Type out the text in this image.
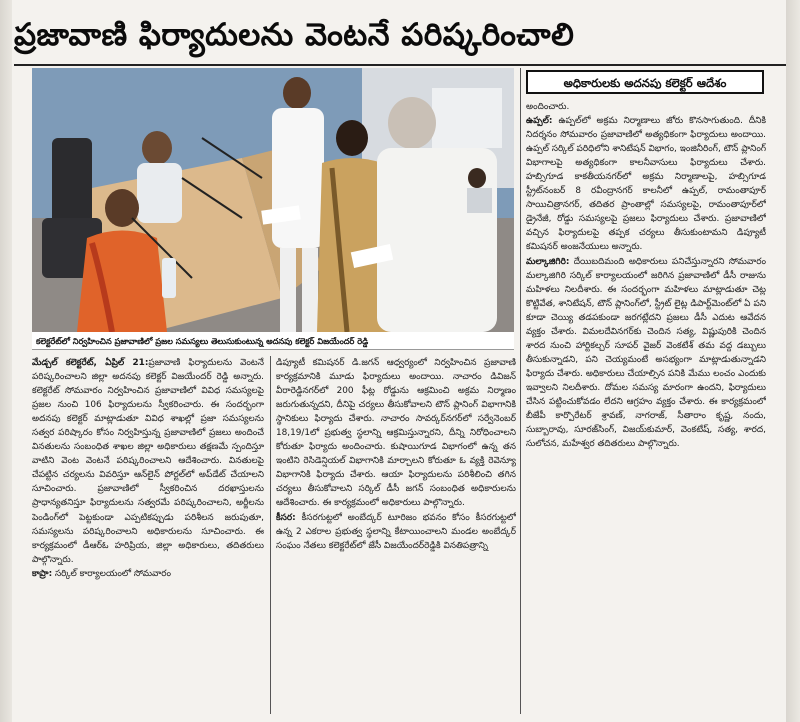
ప్రజావాణి ఫిర్యాదులను వెంటనే పరిష్కరించాలి
కలెక్టరేట్‌లో నిర్వహించిన ప్రజావాణిలో ప్రజల సమస్యలు తెలుసుకుంటున్న అదనపు కలెక్టర్ విజయేందర్ రెడ్డి
అధికారులకు అదనపు కలెక్టర్ ఆదేశం

మేడ్చల్ కలెక్టరేట్, ఏప్రిల్ 21:ప్రజావాణి ఫిర్యాదులను వెంటనే పరిష్కరించాలని జిల్లా అదనపు కలెక్టర్ విజయేందర్ రెడ్డి అన్నారు. కలెక్టరేట్ సోమవారం నిర్వహించిన ప్రజావాణిలో వివిధ సమస్యలపై ప్రజల నుంచి 106 ఫిర్యాదులను స్వీకరించారు. ఈ సందర్భంగా అదనపు కలెక్టర్ మాట్లాడుతూ వివిధ శాఖల్లో ప్రజా సమస్యలను సత్వర పరిష్కారం కోసం నిర్వహిస్తున్న ప్రజావాణిలో ప్రజలు అందించే వినతులను సంబంధిత శాఖల జిల్లా అధికారులు తక్షణమే స్పందిస్తూ వాటిని వెంట వెంటనే పరిష్కరించాలని ఆదేశించారు. వినతులపై చేపట్టిన చర్యలను వివరిస్తూ ఆన్‌లైన్ పోర్టల్‌లో అప్‌డేట్ చేయాలని సూచించారు. ప్రజావాణిలో స్వీకరించిన దరఖాస్తులను ప్రాధాన్యతనిస్తూ ఫిర్యాదులను సత్వరమే పరిష్కరించాలని, అర్జీలను పెండింగ్‌లో పెట్టకుండా ఎప్పటికప్పుడు పరిశీలన జరుపుతూ, సమస్యలను పరిష్కరించాలని అధికారులను సూచించారు. ఈ కార్యక్రమంలో డీఆర్ఓ హరిప్రియ, జిల్లా అధికారులు, తదితరులు పాల్గొన్నారు.

కాప్రా: సర్కిల్ కార్యాలయంలో సోమవారం

డిప్యూటీ కమిషనర్ డి.జగన్ ఆధ్వర్యంలో నిర్వహించిన ప్రజావాణి కార్యక్రమానికి మూడు ఫిర్యాదులు అందాయి. నాచారం డివిజన్ వీరారెడ్డినగర్‌లో 200 ఫీట్ల రోడ్డును ఆక్రమించి అక్రమ నిర్మాణం జరుగుతున్నదని, దీనిపై చర్యలు తీసుకోవాలని టౌన్ ప్లానింగ్ విభాగానికి స్థానికులు ఫిర్యాదు చేశారు. నాచారం సావర్కర్‌నగర్‌లో సర్వేనెంబర్ 18,19/1లో ప్రభుత్వ స్థలాన్ని ఆక్రమిస్తున్నారని, దీన్ని నిరోధించాలని కోరుతూ ఫిర్యాదు అందించారు. కుషాయిగూడ విభాగంలో ఉన్న తన ఇంటిని రెసిడెన్షియల్ విభాగానికి మార్చాలని కోరుతూ ఓ వ్యక్తి రెవెన్యూ విభాగానికి ఫిర్యాదు చేశారు. ఆయా ఫిర్యాదులను పరిశీలించి తగిన చర్యలు తీసుకోవాలని సర్కిల్ డీసీ జగన్ సంబంధిత అధికారులను ఆదేశించారు. ఈ కార్యక్రమంలో అధికారులు పాల్గొన్నారు.

కీసర: కీసరగుట్టలో అంబేద్కర్ టూరిజం భవనం కోసం కీసరగుట్టలో ఉన్న 2 ఎకరాల ప్రభుత్వ స్థలాన్ని కేటాయించాలని మండల అంబేద్కర్ సంఘం నేతలు కలెక్టరేట్‌లో జేసీ విజయేందర్‌రెడ్డికి వినతిపత్రాన్ని

అందించారు.

ఉప్పల్: ఉప్పల్‌లో అక్రమ నిర్మాణాలు జోరు కొనసాగుతుంది. దీనికి నిదర్శనం సోమవారం ప్రజావాణిలో అత్యధికంగా ఫిర్యాదులు అందాయి. ఉప్పల్ సర్కిల్ పరిధిలోని శానిటేషన్ విభాగం, ఇంజినీరింగ్, టౌన్ ప్లానింగ్ విభాగాలపై అత్యధికంగా కాలనీవాసులు ఫిర్యాదులు చేశారు. హబ్సిగూడ కాకతీయనగర్‌లో అక్రమ నిర్మాణాలపై, హబ్సిగూడ స్ట్రీట్‌నంబర్ 8 రవీంద్రానగర్ కాలనీలో ఉప్పల్, రామంతాపూర్ సాయిచిత్రానగర్, తదితర ప్రాంతాల్లో సమస్యలపై, రామంతాపూర్‌లో డ్రైనేజీ, రోడ్డు సమస్యలపై ప్రజలు ఫిర్యాదులు చేశారు. ప్రజావాణిలో వచ్చిన ఫిర్యాదులపై తప్పక చర్యలు తీసుకుంటామని డిప్యూటీ కమిషనర్ అంజనేయులు అన్నారు.

మల్కాజిగిరి: దేయిబదిమంది అధికారులు పనిచేస్తున్నారని సోమవారం మల్కాజిగిరి సర్కిల్ కార్యాలయంలో జరిగిన ప్రజావాణిలో డీసీ రాజును మహిళలు నిలదీశారు. ఈ సందర్భంగా మహిళలు మాట్లాడుతూ చెట్ల కొట్టివేత, శానిటేషన్, టౌన్ ప్లానింగ్‌లో, స్ట్రీట్ లైట్ల డిపార్ట్‌మెంట్‌లో ఏ పని కూడా చెయ్యి తడపకుండా జరగట్లేదని ప్రజలు డీసీ ఎదుట ఆవేదన వ్యక్తం చేశారు. విమలదేవినగర్‌కు చెందిన సత్య, విష్ణుపురికి చెందిన శారద నుంచి హార్టికల్చర్ సూపర్ వైజర్ వెంకటేశ్ తమ వద్ద డబ్బులు తీసుకున్నాడని, పని చెయ్యమంటే అసభ్యంగా మాట్లాడుతున్నాడని ఫిర్యాదు చేశారు. అధికారులు చేయాల్సిన పనికి మేము లంచం ఎందుకు ఇవ్వాలని నిలదీశారు. దోమల సమస్య మారంగా ఉందని, ఫిర్యాదులు చేసిన పట్టించుకోవడం లేదని ఆగ్రహం వ్యక్తం చేశారు. ఈ కార్యక్రమంలో బీజేపీ కార్పొరేటర్ శ్రావణ్, నాగరాజ్, సీతారాం కృష్ణ, నందు, సుబ్బారావు, సూరజ్‌సింగ్, విజయ్‌కుమార్, వెంకటేష్, సత్య, శారద, సులోచన, మహేశ్వర తదితరులు పాల్గొన్నారు.
